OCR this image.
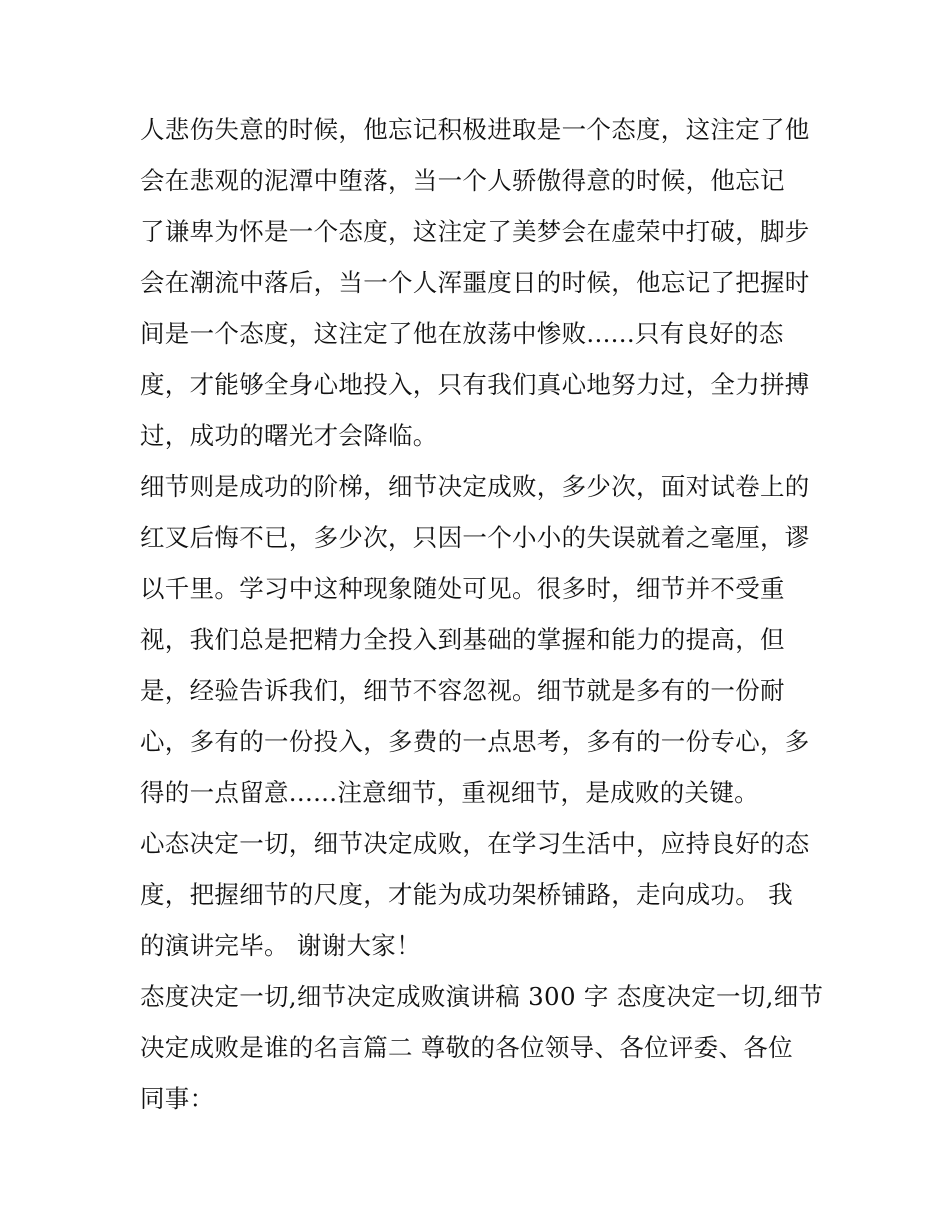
人悲伤失意的时候，他忘记积极进取是一个态度，这注定了他
会在悲观的泥潭中堕落，当一个人骄傲得意的时候，他忘记
了谦卑为怀是一个态度，这注定了美梦会在虚荣中打破，脚步
会在潮流中落后，当一个人浑噩度日的时候，他忘记了把握时
间是一个态度，这注定了他在放荡中惨败......只有良好的态
度，才能够全身心地投入，只有我们真心地努力过，全力拼搏
过，成功的曙光才会降临。
细节则是成功的阶梯，细节决定成败，多少次，面对试卷上的
红叉后悔不已，多少次，只因一个小小的失误就着之毫厘，谬
以千里。学习中这种现象随处可见。很多时，细节并不受重
视，我们总是把精力全投入到基础的掌握和能力的提高，但
是，经验告诉我们，细节不容忽视。细节就是多有的一份耐
心，多有的一份投入，多费的一点思考，多有的一份专心，多
得的一点留意......注意细节，重视细节，是成败的关键。
心态决定一切，细节决定成败，在学习生活中，应持良好的态
度，把握细节的尺度，才能为成功架桥铺路，走向成功。 我
的演讲完毕。 谢谢大家！
态度决定一切,细节决定成败演讲稿 300 字 态度决定一切,细节
决定成败是谁的名言篇二 尊敬的各位领导、各位评委、各位
同事：
